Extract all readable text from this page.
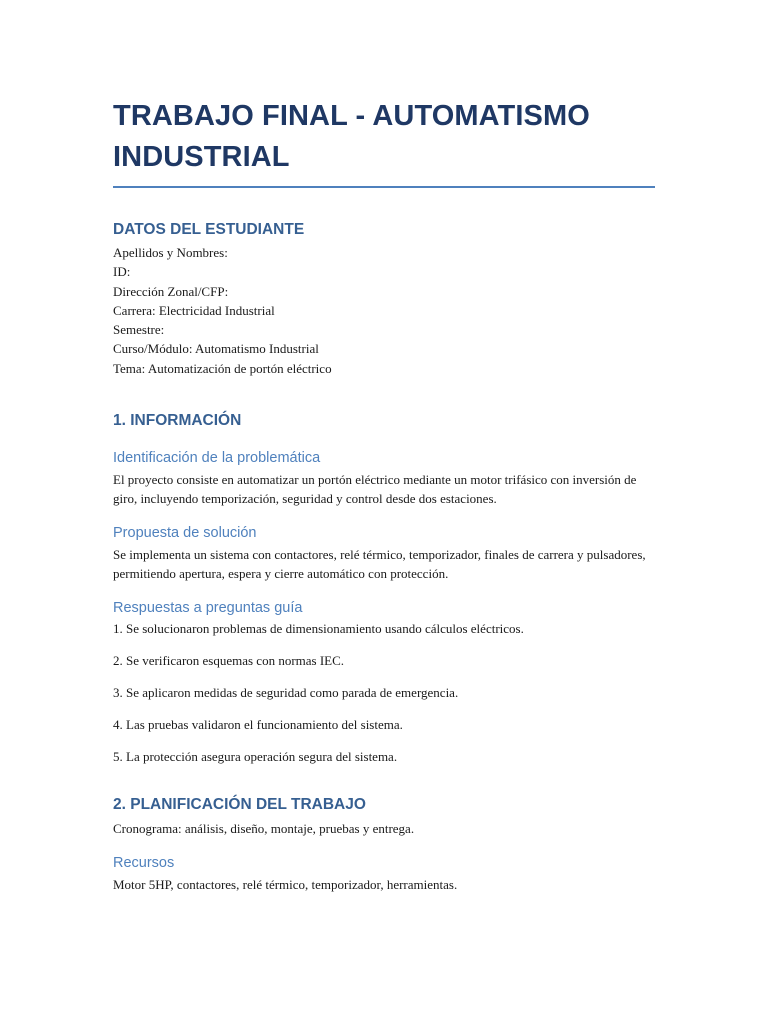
TRABAJO FINAL - AUTOMATISMO INDUSTRIAL
DATOS DEL ESTUDIANTE
Apellidos y Nombres:
ID:
Dirección Zonal/CFP:
Carrera: Electricidad Industrial
Semestre:
Curso/Módulo: Automatismo Industrial
Tema: Automatización de portón eléctrico
1. INFORMACIÓN
Identificación de la problemática

El proyecto consiste en automatizar un portón eléctrico mediante un motor trifásico con inversión de giro, incluyendo temporización, seguridad y control desde dos estaciones.

Propuesta de solución

Se implementa un sistema con contactores, relé térmico, temporizador, finales de carrera y pulsadores, permitiendo apertura, espera y cierre automático con protección.

Respuestas a preguntas guía

1. Se solucionaron problemas de dimensionamiento usando cálculos eléctricos.

2. Se verificaron esquemas con normas IEC.

3. Se aplicaron medidas de seguridad como parada de emergencia.

4. Las pruebas validaron el funcionamiento del sistema.

5. La protección asegura operación segura del sistema.

2. PLANIFICACIÓN DEL TRABAJO

Cronograma: análisis, diseño, montaje, pruebas y entrega.

Recursos

Motor 5HP, contactores, relé térmico, temporizador, herramientas.
